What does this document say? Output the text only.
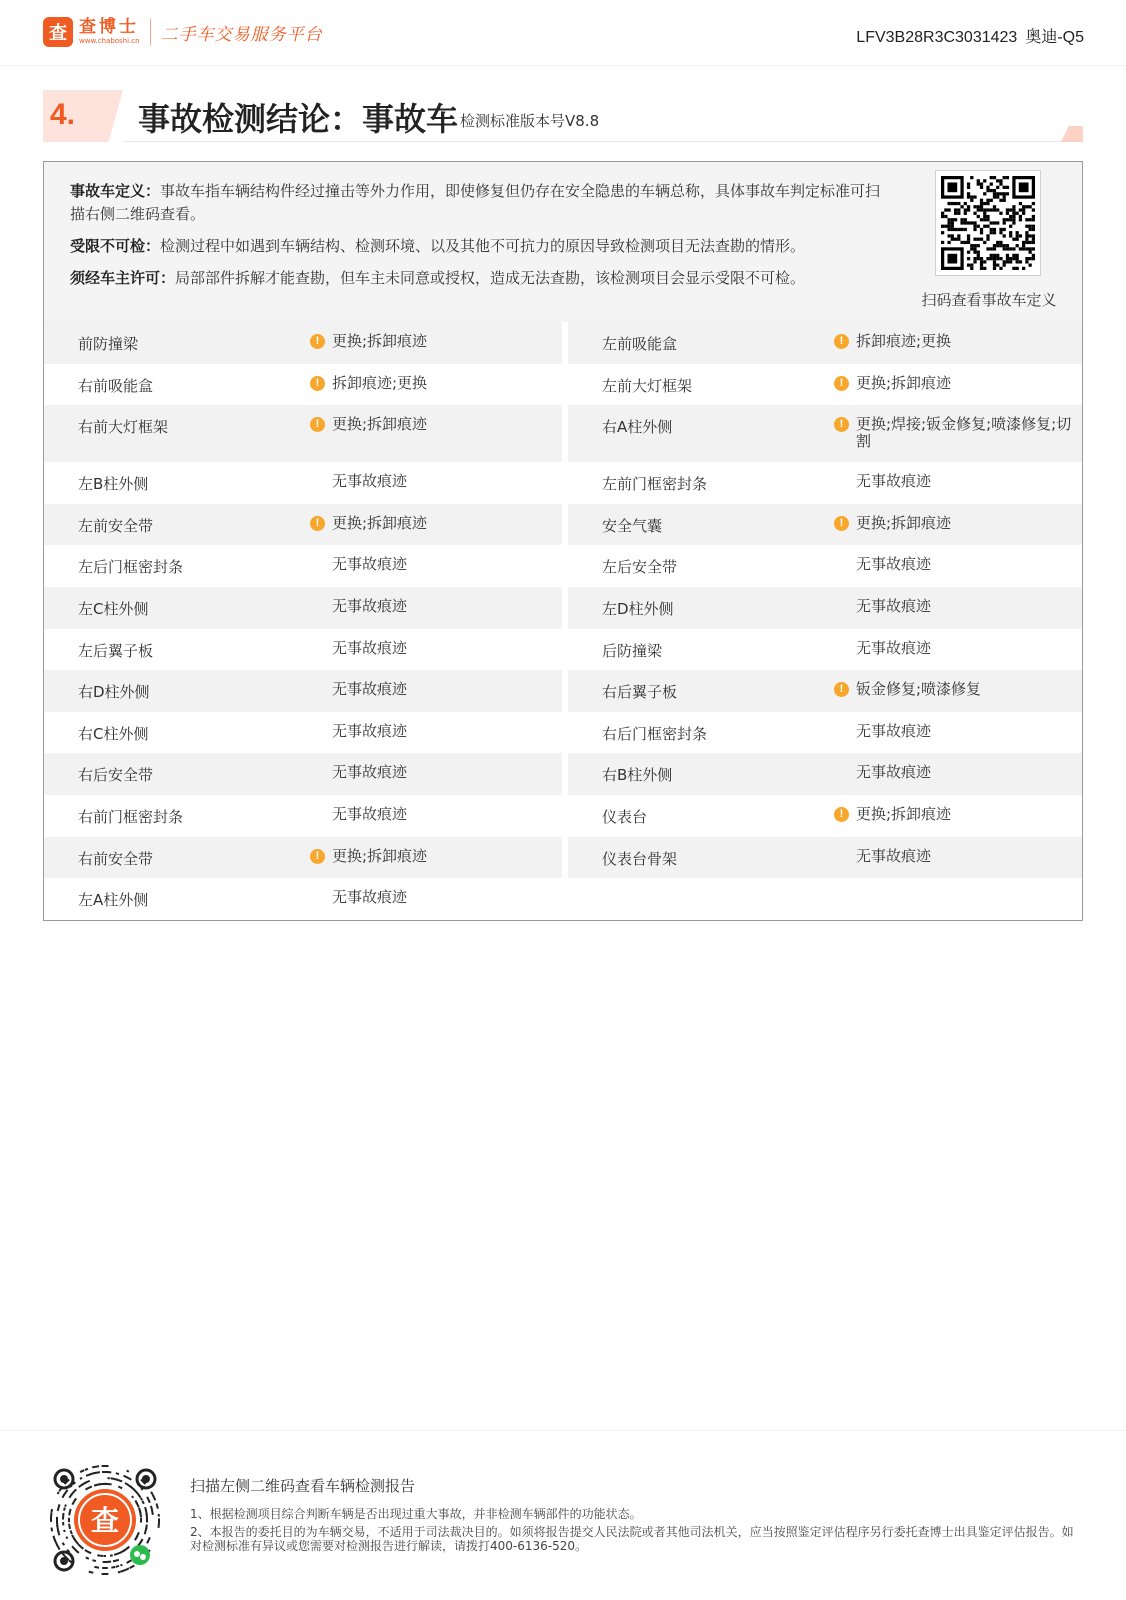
查 查博士
www.chaboshi.cn 二手车交易服务平台	LFV3B28R3C3031423 奥迪-Q5
4. 事故检测结论：事故车 检测标准版本号V8.8

事故车定义：事故车指车辆结构件经过撞击等外力作用，即使修复但仍存在安全隐患的车辆总称，具体事故车判定标准可扫描右侧二维码查看。

受限不可检：检测过程中如遇到车辆结构、检测环境、以及其他不可抗力的原因导致检测项目无法查勘的情形。

须经车主许可：局部部件拆解才能查勘，但车主未同意或授权，造成无法查勘，该检测项目会显示受限不可检。

扫码查看事故车定义
前防撞梁	! 更换;拆卸痕迹	左前吸能盒	! 拆卸痕迹;更换
右前吸能盒	! 拆卸痕迹;更换	左前大灯框架	! 更换;拆卸痕迹
右前大灯框架	! 更换;拆卸痕迹	右A柱外侧	! 更换;焊接;钣金修复;喷漆修复;切割
左B柱外侧	无事故痕迹	左前门框密封条	无事故痕迹
左前安全带	! 更换;拆卸痕迹	安全气囊	! 更换;拆卸痕迹
左后门框密封条	无事故痕迹	左后安全带	无事故痕迹
左C柱外侧	无事故痕迹	左D柱外侧	无事故痕迹
左后翼子板	无事故痕迹	后防撞梁	无事故痕迹
右D柱外侧	无事故痕迹	右后翼子板	! 钣金修复;喷漆修复
右C柱外侧	无事故痕迹	右后门框密封条	无事故痕迹
右后安全带	无事故痕迹	右B柱外侧	无事故痕迹
右前门框密封条	无事故痕迹	仪表台	! 更换;拆卸痕迹
右前安全带	! 更换;拆卸痕迹	仪表台骨架	无事故痕迹
左A柱外侧	无事故痕迹
查
扫描左侧二维码查看车辆检测报告
1、根据检测项目综合判断车辆是否出现过重大事故，并非检测车辆部件的功能状态。
2、本报告的委托目的为车辆交易，不适用于司法裁决目的。如须将报告提交人民法院或者其他司法机关，应当按照鉴定评估程序另行委托查博士出具鉴定评估报告。如对检测标准有异议或您需要对检测报告进行解读，请拨打400-6136-520。
